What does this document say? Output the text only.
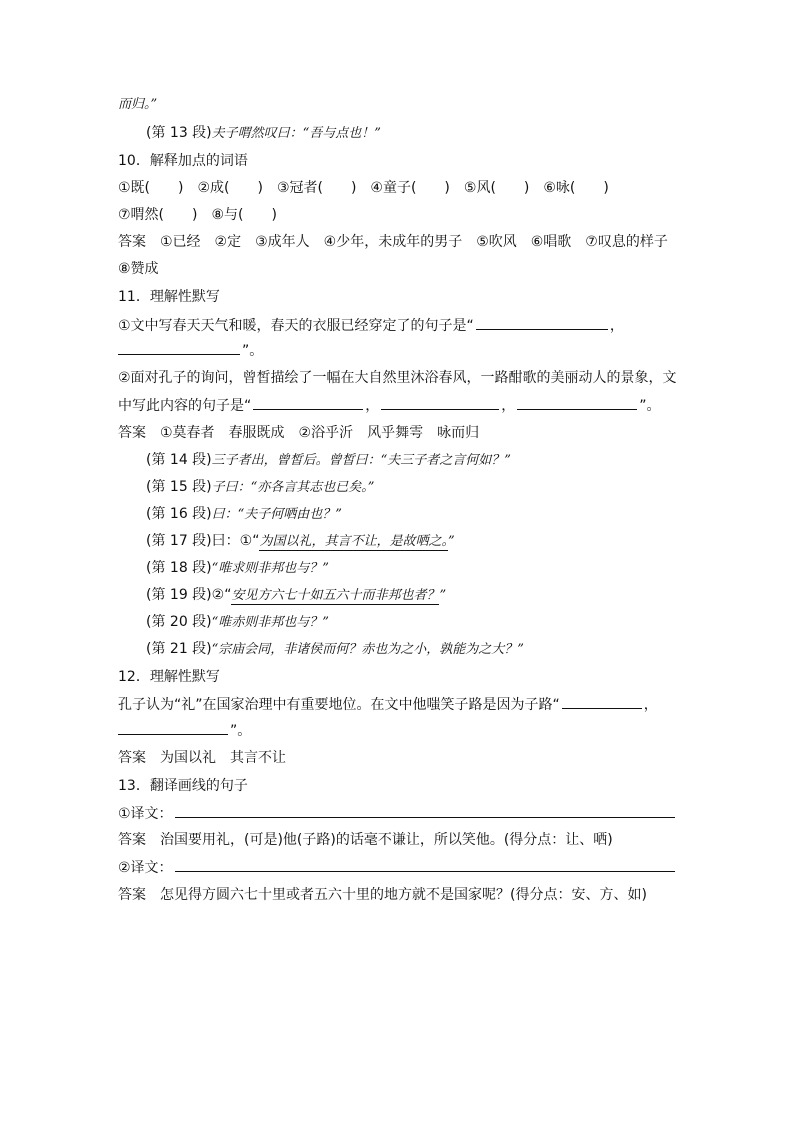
而归。”
(第 13 段)夫子喟然叹曰：“吾与点也！”
10．解释加点的词语
①既(　　)　②成(　　)　③冠者(　　)　④童子(　　)　⑤风(　　)　⑥咏(　　)
⑦喟然(　　)　⑧与(　　)
答案　①已经　②定　③成年人　④少年，未成年的男子　⑤吹风　⑥唱歌　⑦叹息的样子
⑧赞成
11．理解性默写
①文中写春天天气和暖，春天的衣服已经穿定了的句子是“	，
”。
②面对孔子的询问，曾皙描绘了一幅在大自然里沐浴春风，一路酣歌的美丽动人的景象，文
中写此内容的句子是“	，	，	”。
答案　①莫春者　春服既成　②浴乎沂　风乎舞雩　咏而归
(第 14 段)三子者出，曾皙后。曾皙曰：“夫三子者之言何如？”
(第 15 段)子曰：“亦各言其志也已矣。”
(第 16 段)曰：“夫子何哂由也？”
(第 17 段)曰：①“为国以礼，其言不让，是故哂之。”
(第 18 段)“唯求则非邦也与？”
(第 19 段)②“安见方六七十如五六十而非邦也者？”
(第 20 段)“唯赤则非邦也与？”
(第 21 段)“宗庙会同，非诸侯而何？赤也为之小，孰能为之大？”
12．理解性默写
孔子认为“礼”在国家治理中有重要地位。在文中他嗤笑子路是因为子路“	，
”。
答案　为国以礼　其言不让
13．翻译画线的句子
①译文：
答案　治国要用礼，(可是)他(子路)的话毫不谦让，所以笑他。(得分点：让、哂)
②译文：
答案　怎见得方圆六七十里或者五六十里的地方就不是国家呢？(得分点：安、方、如)
